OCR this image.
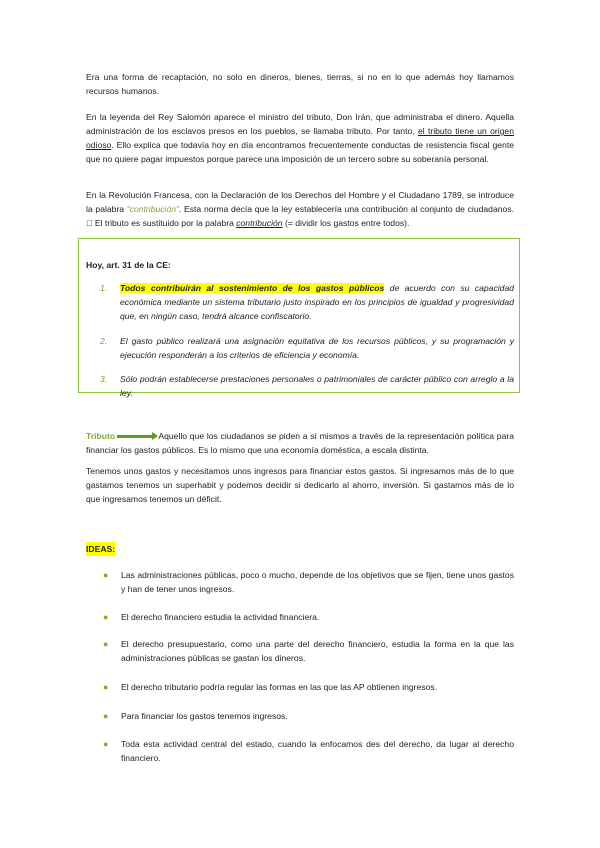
Era una forma de recaptación, no solo en dineros, bienes, tierras, si no en lo que además hoy llamamos recursos humanos.

En la leyenda del Rey Salomón aparece el ministro del tributo, Don Irán, que administraba el dinero. Aquella administración de los esclavos presos en los pueblos, se llamaba tributo. Por tanto, el tributo tiene un origen odioso. Ello explica que todavía hoy en día encontramos frecuentemente conductas de resistencia fiscal gente que no quiere pagar impuestos porque parece una imposición de un tercero sobre su soberanía personal.

En la Revolución Francesa, con la Declaración de los Derechos del Hombre y el Ciudadano 1789, se introduce la palabra “contribución”. Esta norma decía que la ley establecería una contribución al conjunto de ciudadanos. El tributo es sustituido por la palabra contribución (= dividir los gastos entre todos).

Hoy, art. 31 de la CE:

1. Todos contribuirán al sostenimiento de los gastos públicos de acuerdo con su capacidad económica mediante un sistema tributario justo inspirado en los principios de igualdad y progresividad que, en ningún caso, tendrá alcance confiscatorio.
2. El gasto público realizará una asignación equitativa de los recursos públicos, y su programación y ejecución responderán a los criterios de eficiencia y economía.
3. Sólo podrán establecerse prestaciones personales o patrimoniales de carácter público con arreglo a la ley.

Tributo	Aquello que los ciudadanos se piden a sí mismos a través de la representación política para financiar los gastos públicos. Es lo mismo que una economía doméstica, a escala distinta.

Tenemos unos gastos y necesitamos unos ingresos para financiar estos gastos. Si ingresamos más de lo que gastamos tenemos un superhabit y podemos decidir si dedicarlo al ahorro, inversión. Si gastamos más de lo que ingresamos tenemos un déficit.

IDEAS:

● Las administraciones públicas, poco o mucho, depende de los objetivos que se fijen, tiene unos gastos y han de tener unos ingresos.
● El derecho financiero estudia la actividad financiera.
● El derecho presupuestario, como una parte del derecho financiero, estudia la forma en la que las administraciones públicas se gastan los dineros.
● El derecho tributario podría regular las formas en las que las AP obtienen ingresos.
● Para financiar los gastos tenemos ingresos.
● Toda esta actividad central del estado, cuando la enfocamos des del derecho, da lugar al derecho financiero.
